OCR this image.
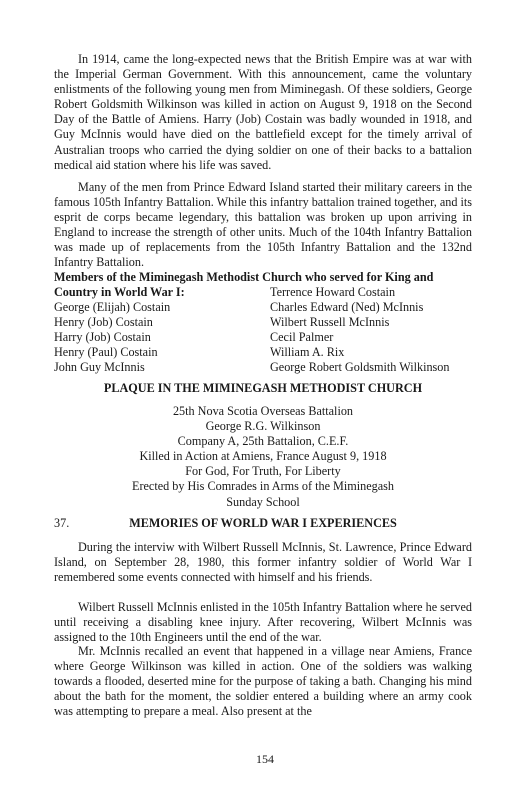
In 1914, came the long-expected news that the British Empire was at war with the Imperial German Government. With this announcement, came the voluntary enlistments of the following young men from Miminegash. Of these soldiers, George Robert Goldsmith Wilkinson was killed in action on August 9, 1918 on the Second Day of the Battle of Amiens. Harry (Job) Costain was badly wounded in 1918, and Guy McInnis would have died on the battlefield except for the timely arrival of Australian troops who carried the dying soldier on one of their backs to a battalion medical aid station where his life was saved.

Many of the men from Prince Edward Island started their military careers in the famous 105th Infantry Battalion. While this infantry battalion trained together, and its esprit de corps became legendary, this battalion was broken up upon arriving in England to increase the strength of other units. Much of the 104th Infantry Battalion was made up of replacements from the 105th Infantry Battalion and the 132nd Infantry Battalion.

Members of the Miminegash Methodist Church who served for King and

Country in World War I:
George (Elijah) Costain
Henry (Job) Costain
Harry (Job) Costain
Henry (Paul) Costain
John Guy McInnis
Terrence Howard Costain
Charles Edward (Ned) McInnis
Wilbert Russell McInnis
Cecil Palmer
William A. Rix
George Robert Goldsmith Wilkinson

PLAQUE IN THE MIMINEGASH METHODIST CHURCH

25th Nova Scotia Overseas Battalion
George R.G. Wilkinson
Company A, 25th Battalion, C.E.F.
Killed in Action at Amiens, France August 9, 1918
For God, For Truth, For Liberty
Erected by His Comrades in Arms of the Miminegash
Sunday School
37.	MEMORIES OF WORLD WAR I EXPERIENCES

During the interviw with Wilbert Russell McInnis, St. Lawrence, Prince Edward Island, on September 28, 1980, this former infantry soldier of World War I remembered some events connected with himself and his friends.

Wilbert Russell McInnis enlisted in the 105th Infantry Battalion where he served until receiving a disabling knee injury. After recovering, Wilbert McInnis was assigned to the 10th Engineers until the end of the war.

Mr. McInnis recalled an event that happened in a village near Amiens, France where George Wilkinson was killed in action. One of the soldiers was walking towards a flooded, deserted mine for the purpose of taking a bath. Changing his mind about the bath for the moment, the soldier entered a building where an army cook was attempting to prepare a meal. Also present at the

154
